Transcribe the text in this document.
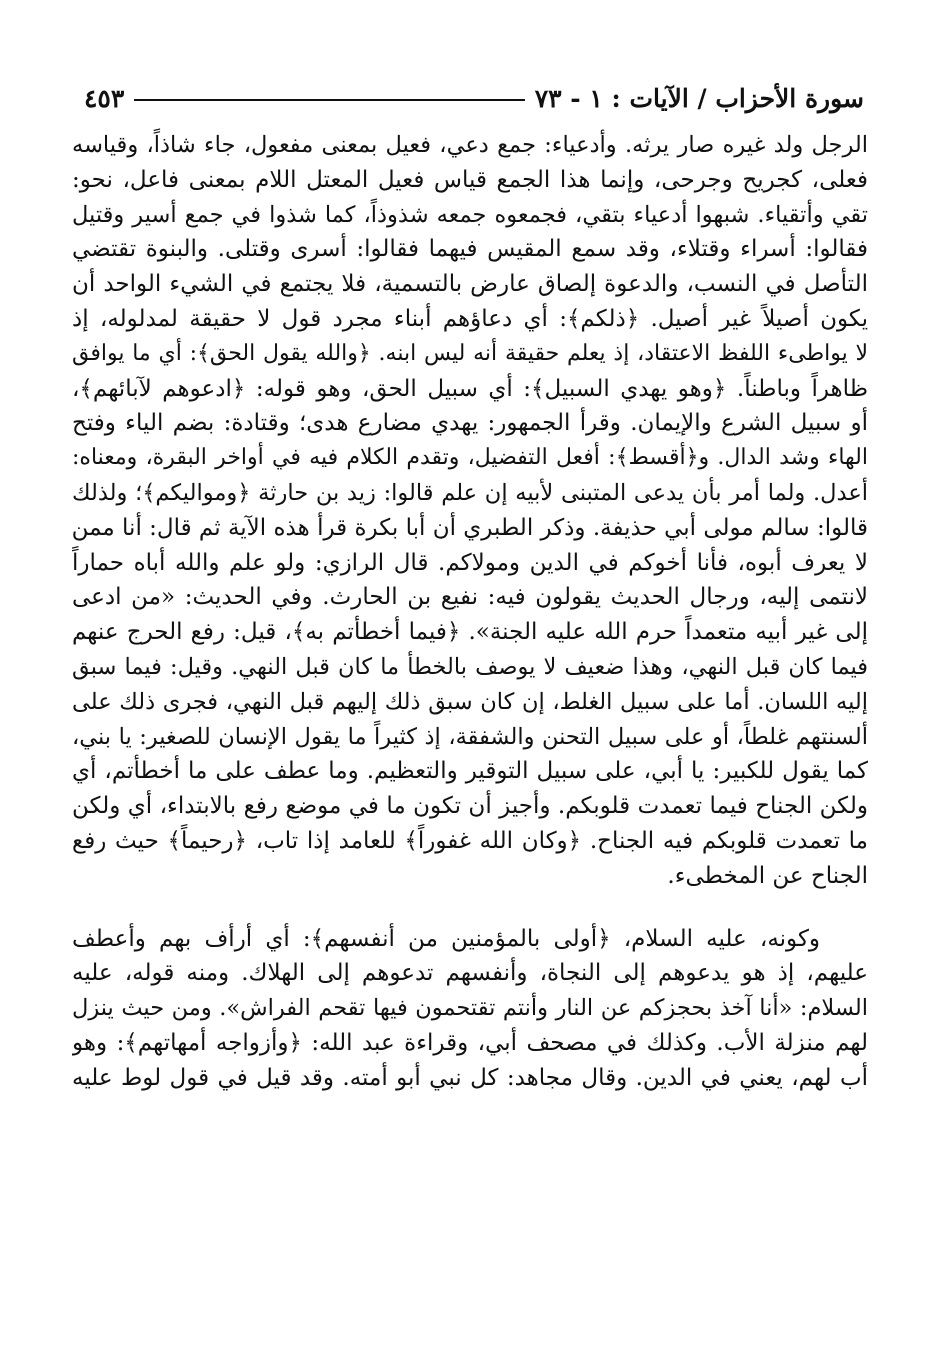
سورة الأحزاب / الآيات : ١ - ٧٣
٤٥٣
الرجل ولد غيره صار يرثه. وأدعياء: جمع دعي، فعيل بمعنى مفعول، جاء شاذاً، وقياسه
فعلى، كجريح وجرحى، وإنما هذا الجمع قياس فعيل المعتل اللام بمعنى فاعل، نحو:
تقي وأتقياء. شبهوا أدعياء بتقي، فجمعوه جمعه شذوذاً، كما شذوا في جمع أسير وقتيل
فقالوا: أسراء وقتلاء، وقد سمع المقيس فيهما فقالوا: أسرى وقتلى. والبنوة تقتضي
التأصل في النسب، والدعوة إلصاق عارض بالتسمية، فلا يجتمع في الشيء الواحد أن
يكون أصيلاً غير أصيل. ﴿ذلكم﴾: أي دعاؤهم أبناء مجرد قول لا حقيقة لمدلوله، إذ
لا يواطىء اللفظ الاعتقاد، إذ يعلم حقيقة أنه ليس ابنه. ﴿والله يقول الحق﴾: أي ما يوافق
ظاهراً وباطناً. ﴿وهو يهدي السبيل﴾: أي سبيل الحق، وهو قوله: ﴿ادعوهم لآبائهم﴾،
أو سبيل الشرع والإيمان. وقرأ الجمهور: يهدي مضارع هدى؛ وقتادة: بضم الياء وفتح
الهاء وشد الدال. و﴿أقسط﴾: أفعل التفضيل، وتقدم الكلام فيه في أواخر البقرة، ومعناه:
أعدل. ولما أمر بأن يدعى المتبنى لأبيه إن علم قالوا: زيد بن حارثة ﴿ومواليكم﴾؛ ولذلك
قالوا: سالم مولى أبي حذيفة. وذكر الطبري أن أبا بكرة قرأ هذه الآية ثم قال: أنا ممن
لا يعرف أبوه، فأنا أخوكم في الدين ومولاكم. قال الرازي: ولو علم والله أباه حماراً
لانتمى إليه، ورجال الحديث يقولون فيه: نفيع بن الحارث. وفي الحديث: «من ادعى
إلى غير أبيه متعمداً حرم الله عليه الجنة». ﴿فيما أخطأتم به﴾، قيل: رفع الحرج عنهم
فيما كان قبل النهي، وهذا ضعيف لا يوصف بالخطأ ما كان قبل النهي. وقيل: فيما سبق
إليه اللسان. أما على سبيل الغلط، إن كان سبق ذلك إليهم قبل النهي، فجرى ذلك على
ألسنتهم غلطاً، أو على سبيل التحنن والشفقة، إذ كثيراً ما يقول الإنسان للصغير: يا بني،
كما يقول للكبير: يا أبي، على سبيل التوقير والتعظيم. وما عطف على ما أخطأتم، أي
ولكن الجناح فيما تعمدت قلوبكم. وأجيز أن تكون ما في موضع رفع بالابتداء، أي ولكن
ما تعمدت قلوبكم فيه الجناح. ﴿وكان الله غفوراً﴾ للعامد إذا تاب، ﴿رحيماً﴾ حيث رفع
الجناح عن المخطىء.
وكونه، عليه السلام، ﴿أولى بالمؤمنين من أنفسهم﴾: أي أرأف بهم وأعطف
عليهم، إذ هو يدعوهم إلى النجاة، وأنفسهم تدعوهم إلى الهلاك. ومنه قوله، عليه
السلام: «أنا آخذ بحجزكم عن النار وأنتم تقتحمون فيها تقحم الفراش». ومن حيث ينزل
لهم منزلة الأب. وكذلك في مصحف أبي، وقراءة عبد الله: ﴿وأزواجه أمهاتهم﴾: وهو
أب لهم، يعني في الدين. وقال مجاهد: كل نبي أبو أمته. وقد قيل في قول لوط عليه
